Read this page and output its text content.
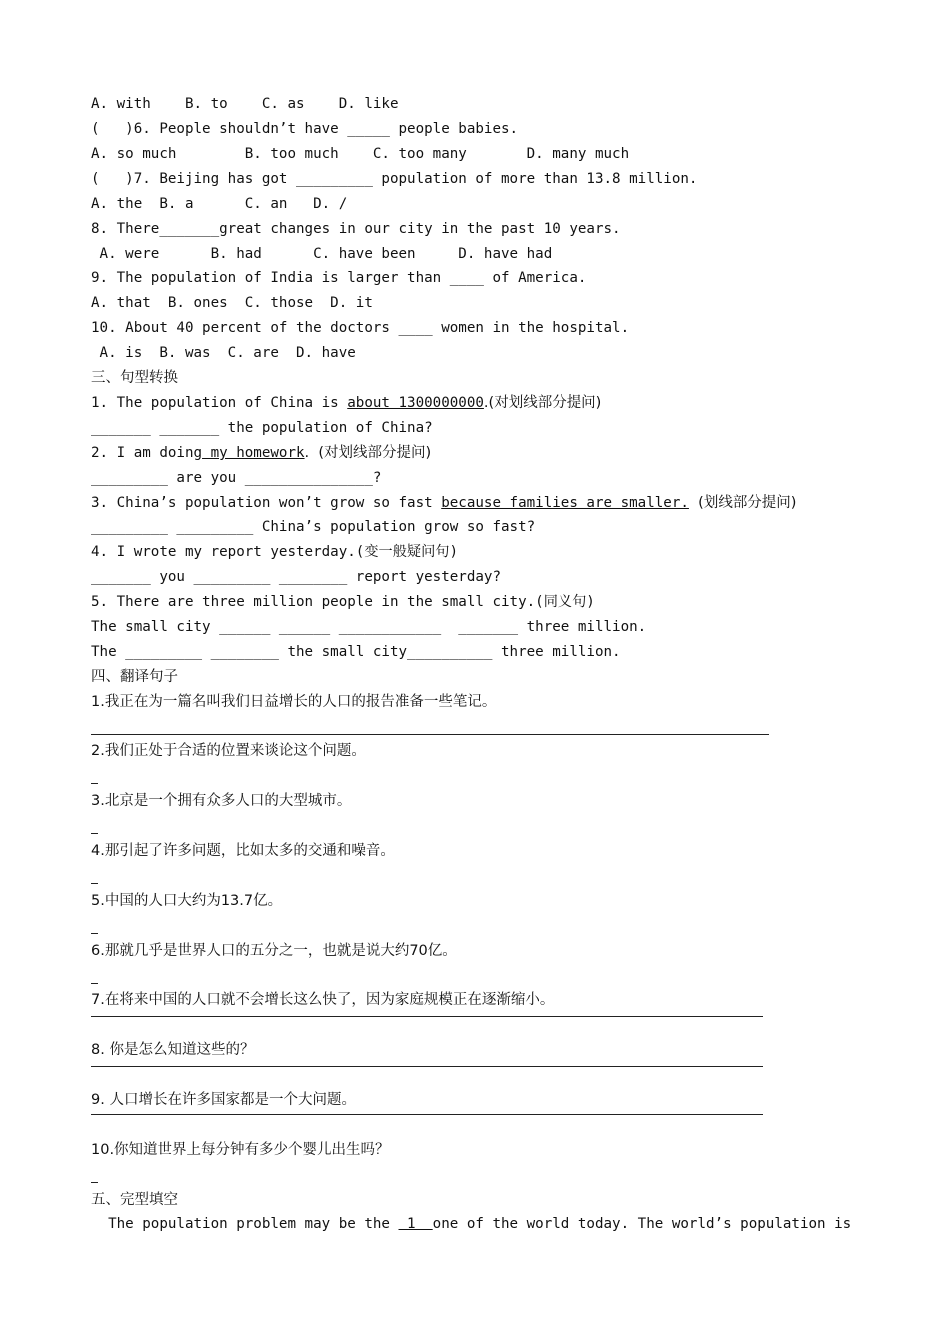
A. with    B. to    C. as    D. like
(   )6. People shouldn’t have _____ people babies.
A. so much        B. too much    C. too many       D. many much
(   )7. Beijing has got _________ population of more than 13.8 million.
A. the  B. a      C. an   D. /
8. There_______great changes in our city in the past 10 years.
A. were      B. had      C. have been     D. have had
9. The population of India is larger than ____ of America.
A. that  B. ones  C. those  D. it
10. About 40 percent of the doctors ____ women in the hospital.
A. is  B. was  C. are  D. have
三、句型转换
1. The population of China is about 1300000000.(对划线部分提问)
_______ _______ the population of China?
2. I am doing my homework.  (对划线部分提问)
_________ are you _______________?
3. China’s population won’t grow so fast because families are smaller.  (划线部分提问)
_________ _________ China’s population grow so fast?
4. I wrote my report yesterday.(变一般疑问句)
_______ you _________ ________ report yesterday?
5. There are three million people in the small city.(同义句)
The small city ______ ______ ____________  _______ three million.
The _________ ________ the small city__________ three million.
四、翻译句子
1.我正在为一篇名叫我们日益增长的人口的报告准备一些笔记。
2.我们正处于合适的位置来谈论这个问题。
3.北京是一个拥有众多人口的大型城市。
4.那引起了许多问题，比如太多的交通和噪音。
5.中国的人口大约为13.7亿。
6.那就几乎是世界人口的五分之一，也就是说大约70亿。
7.在将来中国的人口就不会增长这么快了，因为家庭规模正在逐渐缩小。
8. 你是怎么知道这些的？
9. 人口增长在许多国家都是一个大问题。
10.你知道世界上每分钟有多少个婴儿出生吗？
五、完型填空
The population problem may be the  1  one of the world today. The world’s population is
